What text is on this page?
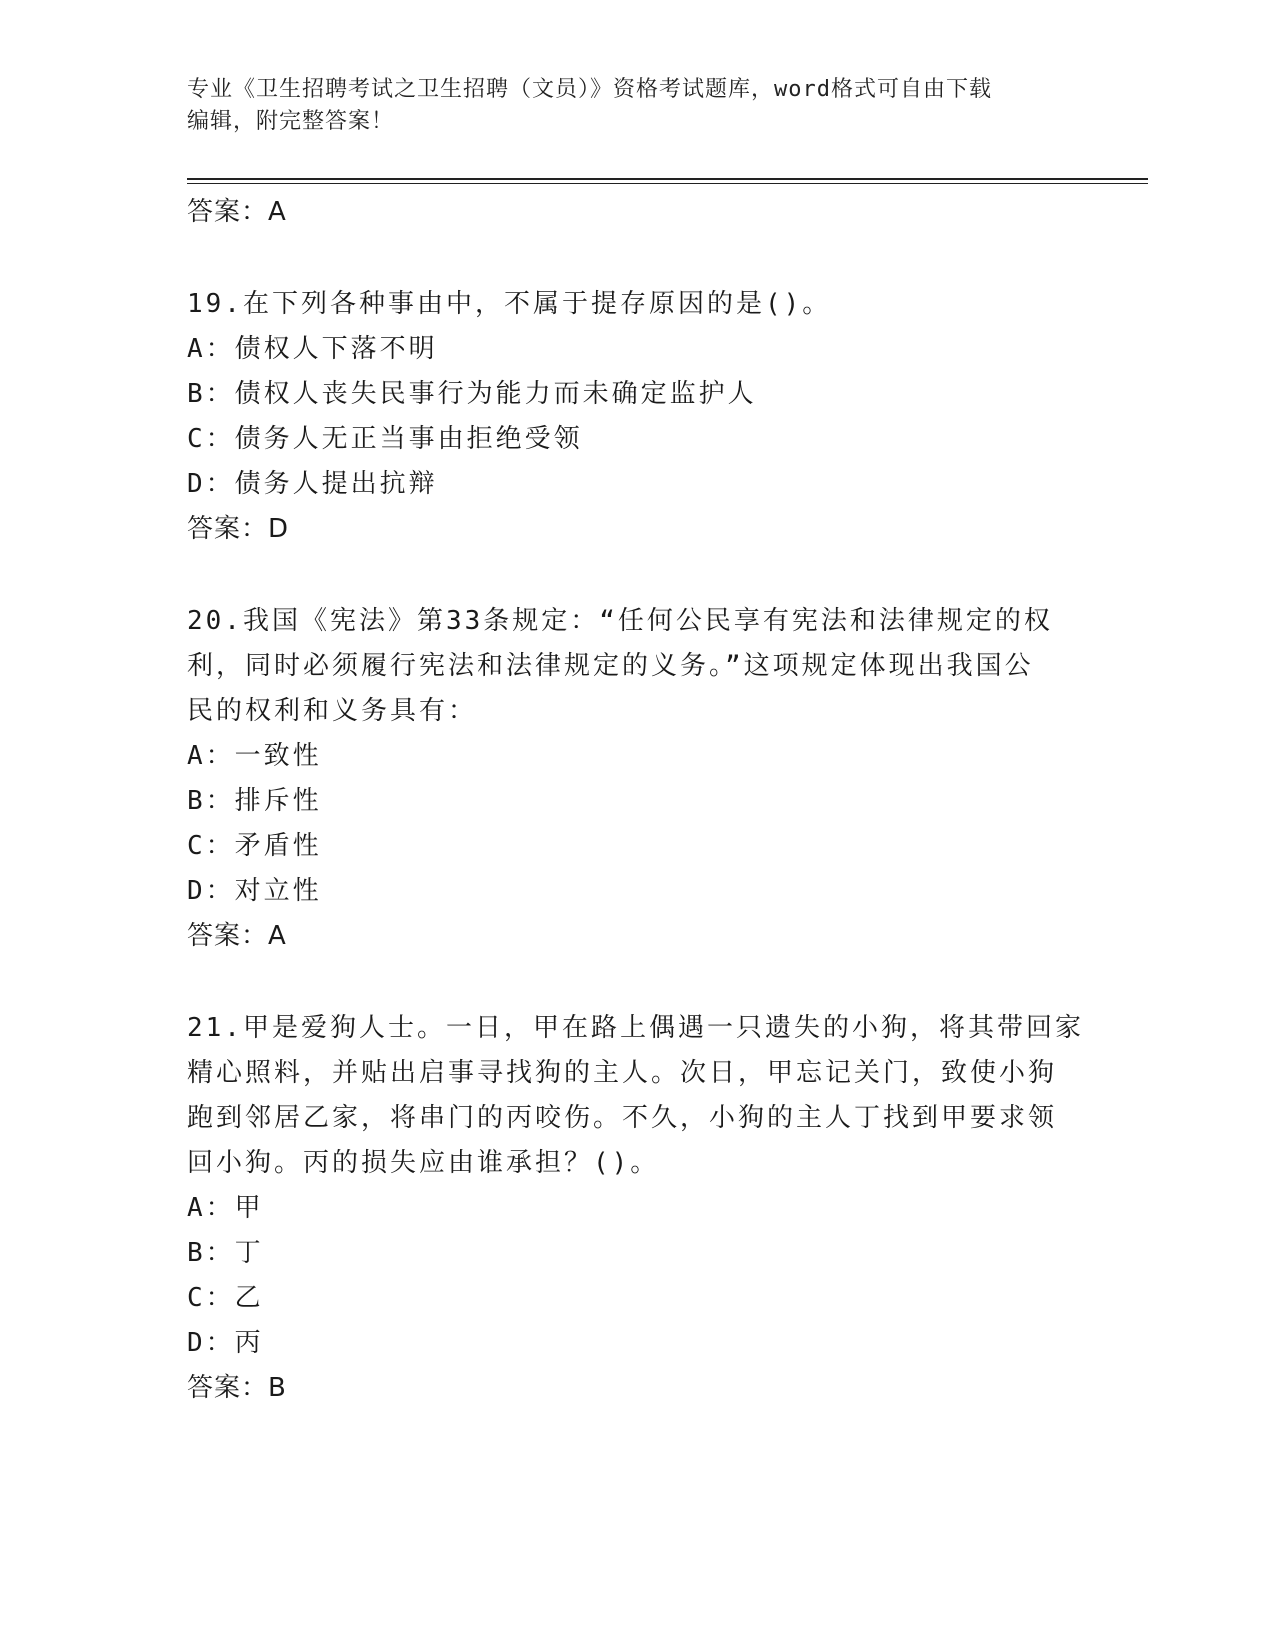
专业《卫生招聘考试之卫生招聘（文员）》资格考试题库，word格式可自由下载
编辑，附完整答案！
答案：A
19.在下列各种事由中，不属于提存原因的是()。
A：债权人下落不明
B：债权人丧失民事行为能力而未确定监护人
C：债务人无正当事由拒绝受领
D：债务人提出抗辩
答案：D
20.我国《宪法》第33条规定：“任何公民享有宪法和法律规定的权
利，同时必须履行宪法和法律规定的义务。”这项规定体现出我国公
民的权利和义务具有：
A：一致性
B：排斥性
C：矛盾性
D：对立性
答案：A
21.甲是爱狗人士。一日，甲在路上偶遇一只遗失的小狗，将其带回家
精心照料，并贴出启事寻找狗的主人。次日，甲忘记关门，致使小狗
跑到邻居乙家，将串门的丙咬伤。不久，小狗的主人丁找到甲要求领
回小狗。丙的损失应由谁承担？()。
A：甲
B：丁
C：乙
D：丙
答案：B
